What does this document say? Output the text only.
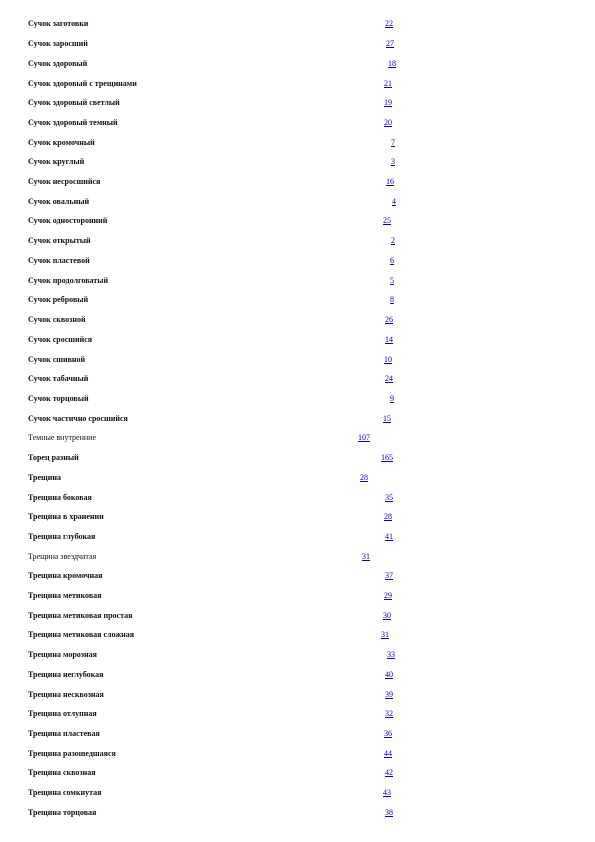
Сучок заготовки	22
Сучок заросший	27
Сучок здоровый	18
Сучок здоровый с трещинами	21
Сучок здоровый светлый	19
Сучок здоровый темный	20
Сучок кромочный	7
Сучок круглый	3
Сучок несросшийся	16
Сучок овальный	4
Сучок односторонний	25
Сучок открытый	2
Сучок пластевой	6
Сучок продолговатый	5
Сучок ребровый	8
Сучок сквозной	26
Сучок сросшийся	14
Сучок сшивной	10
Сучок табачный	24
Сучок торцовый	9
Сучок частично сросшийся	15
Темные внутренние	107
Торец разный	165
Трещина	28
Трещина боковая	35
Трещина в хранении	28
Трещина глубокая	41
Трещина звездчатая	31
Трещина кромочная	37
Трещина метиковая	29
Трещина метиковая простая	30
Трещина метиковая сложная	31
Трещина морозная	33
Трещина неглубокая	40
Трещина несквозная	39
Трещина отлупная	32
Трещина пластевая	36
Трещина разошедшаяся	44
Трещина сквозная	42
Трещина сомкнутая	43
Трещина торцовая	38
